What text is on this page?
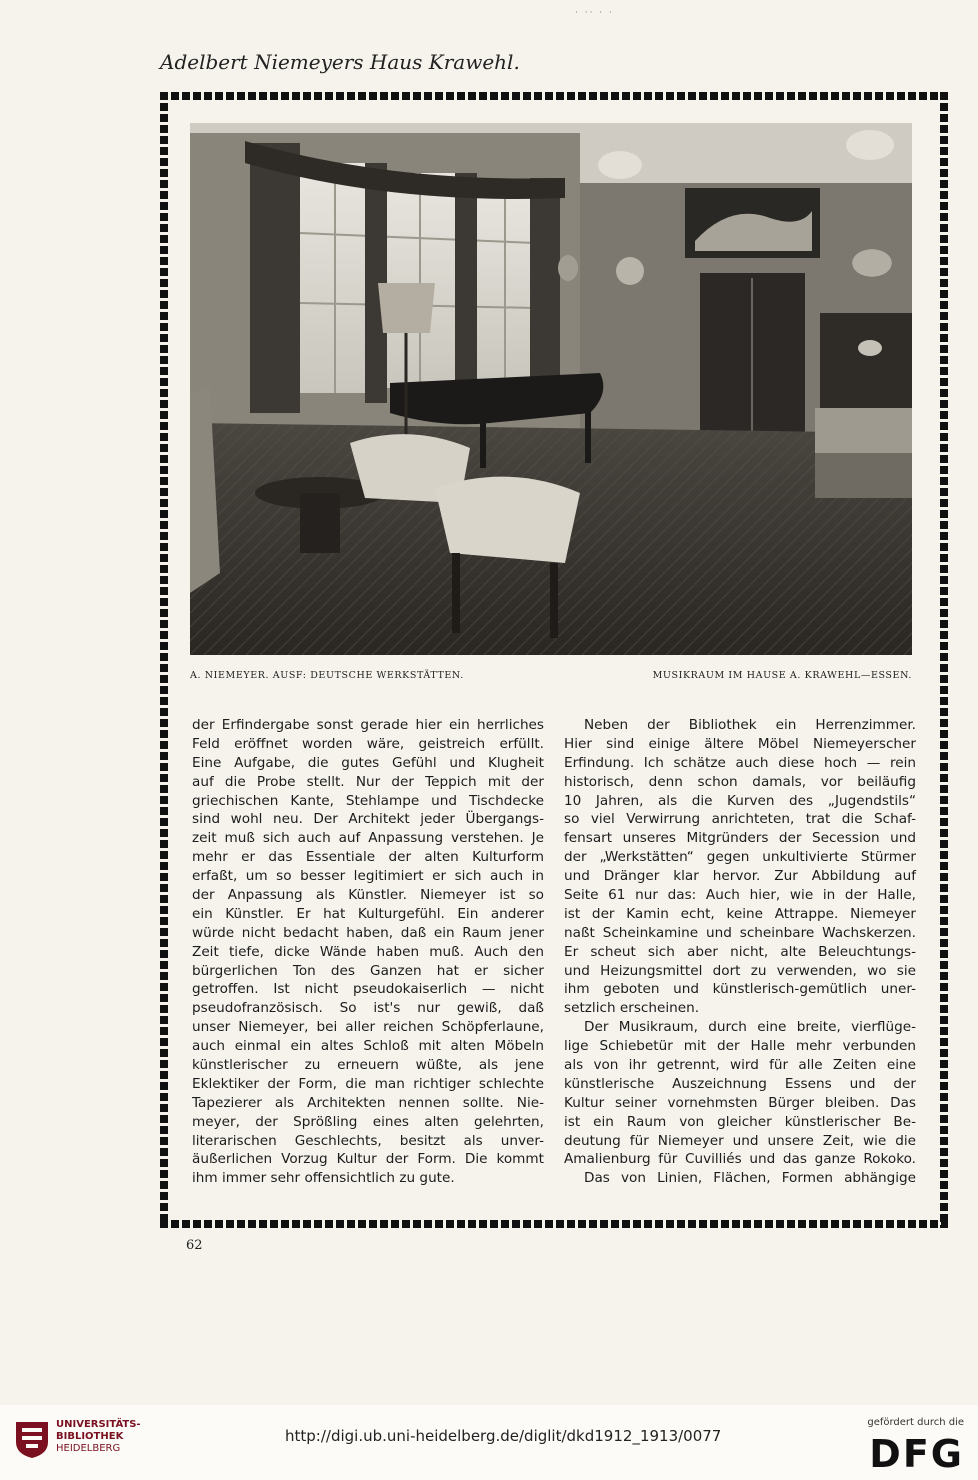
· ·· · ·
Adelbert Niemeyers Haus Krawehl.
A. NIEMEYER. AUSF: DEUTSCHE WERKSTÄTTEN.	MUSIKRAUM IM HAUSE A. KRAWEHL—ESSEN.
der Erfindergabe sonst gerade hier ein herrliches
Feld eröffnet worden wäre, geistreich erfüllt.
Eine Aufgabe, die gutes Gefühl und Klugheit
auf die Probe stellt. Nur der Teppich mit der
griechischen Kante, Stehlampe und Tischdecke
sind wohl neu. Der Architekt jeder Übergangs-
zeit muß sich auch auf Anpassung verstehen. Je
mehr er das Essentiale der alten Kulturform
erfaßt, um so besser legitimiert er sich auch in
der Anpassung als Künstler. Niemeyer ist so
ein Künstler. Er hat Kulturgefühl. Ein anderer
würde nicht bedacht haben, daß ein Raum jener
Zeit tiefe, dicke Wände haben muß. Auch den
bürgerlichen Ton des Ganzen hat er sicher
getroffen. Ist nicht pseudokaiserlich — nicht
pseudofranzösisch. So ist's nur gewiß, daß
unser Niemeyer, bei aller reichen Schöpferlaune,
auch einmal ein altes Schloß mit alten Möbeln
künstlerischer zu erneuern wüßte, als jene
Eklektiker der Form, die man richtiger schlechte
Tapezierer als Architekten nennen sollte. Nie-
meyer, der Sprößling eines alten gelehrten,
literarischen Geschlechts, besitzt als unver-
äußerlichen Vorzug Kultur der Form. Die kommt
ihm immer sehr offensichtlich zu gute.
Neben der Bibliothek ein Herrenzimmer.
Hier sind einige ältere Möbel Niemeyerscher
Erfindung. Ich schätze auch diese hoch — rein
historisch, denn schon damals, vor beiläufig
10 Jahren, als die Kurven des „Jugendstils“
so viel Verwirrung anrichteten, trat die Schaf-
fensart unseres Mitgründers der Secession und
der „Werkstätten“ gegen unkultivierte Stürmer
und Dränger klar hervor. Zur Abbildung auf
Seite 61 nur das: Auch hier, wie in der Halle,
ist der Kamin echt, keine Attrappe. Niemeyer
naßt Scheinkamine und scheinbare Wachskerzen.
Er scheut sich aber nicht, alte Beleuchtungs-
und Heizungsmittel dort zu verwenden, wo sie
ihm geboten und künstlerisch-gemütlich uner-
setzlich erscheinen.
Der Musikraum, durch eine breite, vierflüge-
lige Schiebetür mit der Halle mehr verbunden
als von ihr getrennt, wird für alle Zeiten eine
künstlerische Auszeichnung Essens und der
Kultur seiner vornehmsten Bürger bleiben. Das
ist ein Raum von gleicher künstlerischer Be-
deutung für Niemeyer und unsere Zeit, wie die
Amalienburg für Cuvilliés und das ganze Rokoko.
Das von Linien, Flächen, Formen abhängige
62
UNIVERSITÄTS-
BIBLIOTHEK
HEIDELBERG
http://digi.ub.uni-heidelberg.de/diglit/dkd1912_1913/0077
gefördert durch die
DFG
